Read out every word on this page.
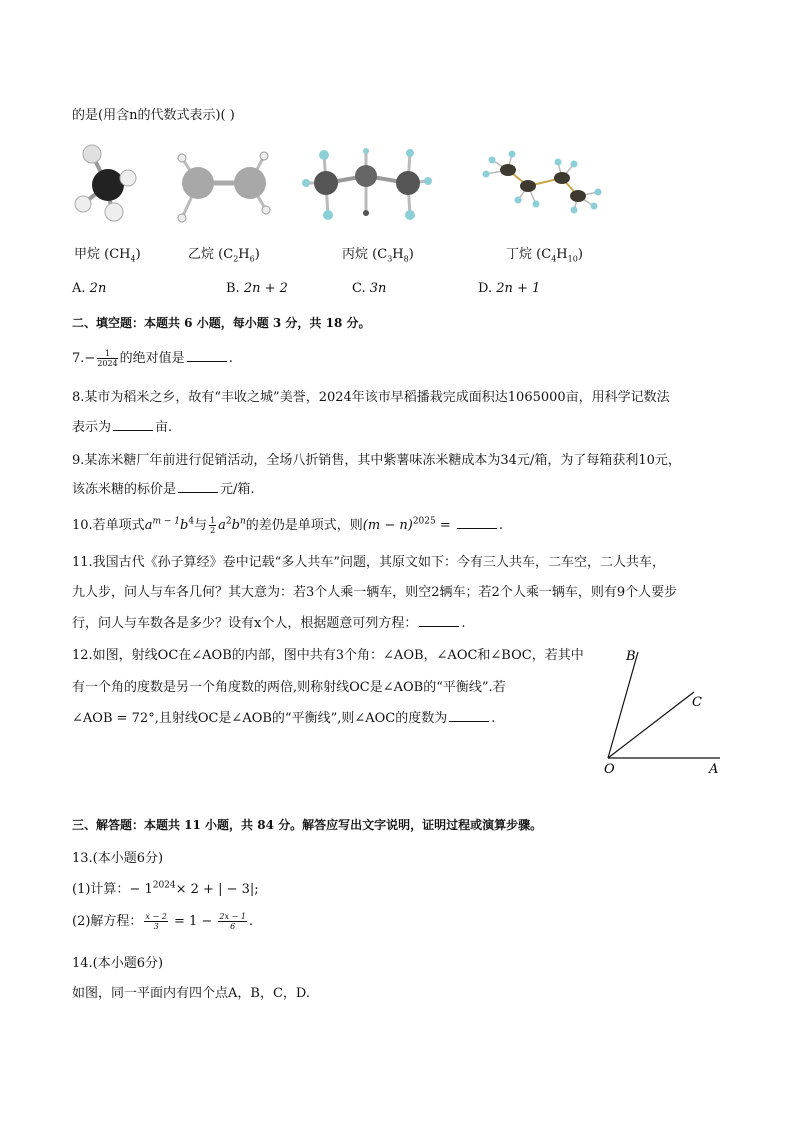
的是(用含n的代数式表示)( )
甲烷 $(CH_4)$	乙烷 $(C_2H_6)$	丙烷 $(C_3H_8)$	丁烷 $(C_4H_{10})$
A. 2n	B. 2n + 2	C. 3n	D. 2n + 1
二、填空题：本题共 6 小题，每小题 3 分，共 18 分。
$7.- \frac{1}{2024}$ 的绝对值是	.
8.某市为稻米之乡，故有“丰收之城”美誉，2024年该市早稻播栽完成面积达1065000亩，用科学记数法
表示为	亩.
9.某冻米糖厂年前进行促销活动，全场八折销售，其中紫薯味冻米糖成本为34元/箱，为了每箱获利10元，
该冻米糖的标价是	元/箱.
10.若单项式$a^{m - 1}b^4$与 $\frac{1}{2} a^2b^n$的差仍是单项式，则$(m - n)^{2025}$ =	.
11.我国古代《孙子算经》卷中记载“多人共车”问题，其原文如下：今有三人共车，二车空，二人共车，
九人步，问人与车各几何？其大意为：若3个人乘一辆车，则空2辆车；若2个人乘一辆车，则有9个人要步
行，问人与车数各是多少？设有x个人，根据题意可列方程：	.
12.如图，射线OC在∠AOB的内部，图中共有3个角：∠AOB，∠AOC和∠BOC，若其中
有一个角的度数是另一个角度数的两倍,则称射线OC是∠AOB的“平衡线”.若
∠AOB = 72°,且射线OC是∠AOB的“平衡线”,则∠AOC的度数为	.
B
C
O	A
三、解答题：本题共 11 小题，共 84 分。解答应写出文字说明，证明过程或演算步骤。
13.(本小题6分)
(1)计算：− $1^{2024}\times 2$ + | − 3|;
(2)解方程： $\frac{x - 2}{3} = 1 - \frac{2x - 1}{6}$ .
14.(本小题6分)
如图，同一平面内有四个点A，B，C，D.
